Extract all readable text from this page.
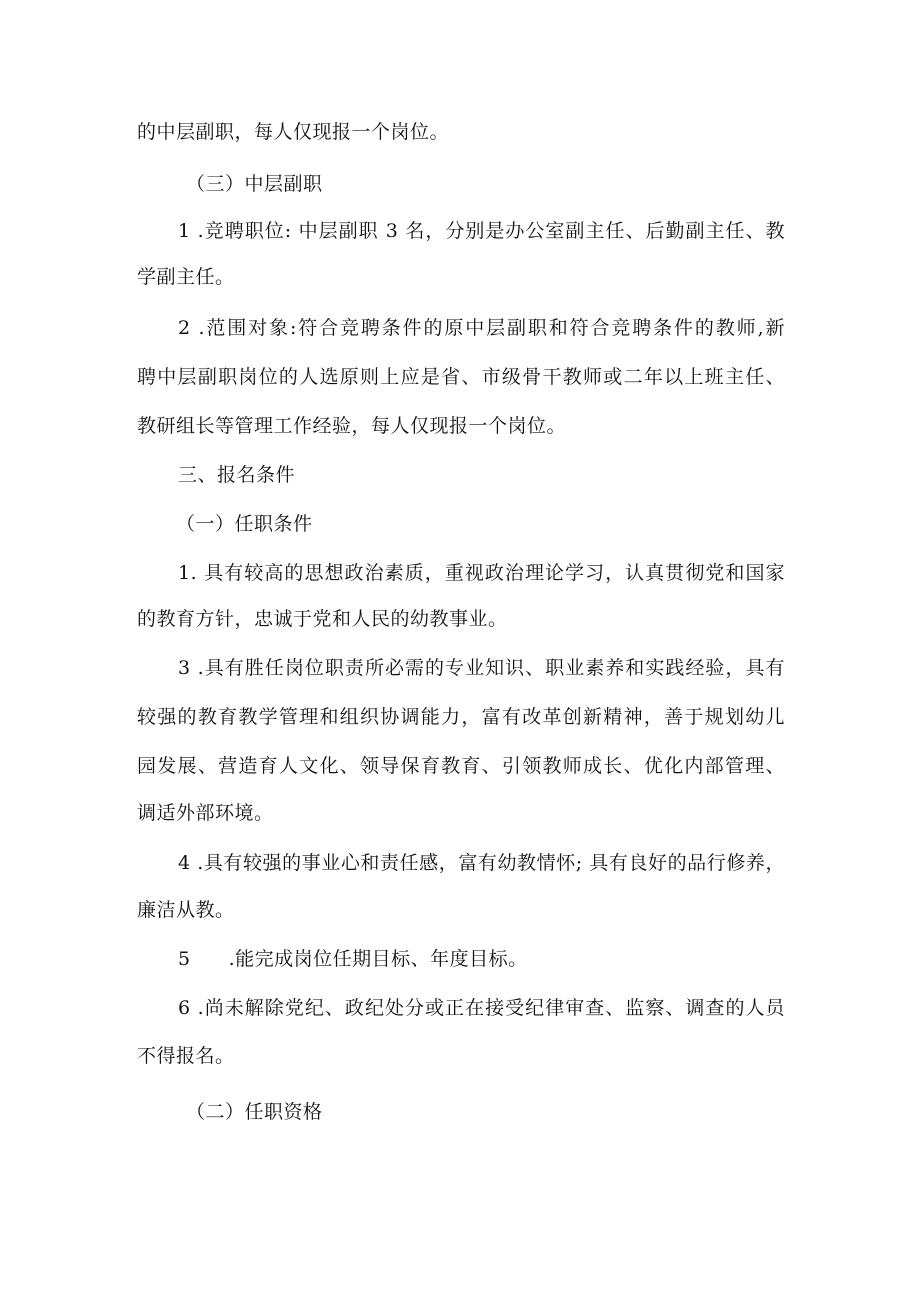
的中层副职，每人仅现报一个岗位。
（三）中层副职
1 .竞聘职位: 中层副职 3 名，分别是办公室副主任、后勤副主任、教
学副主任。
2 .范围对象:符合竞聘条件的原中层副职和符合竞聘条件的教师,新
聘中层副职岗位的人选原则上应是省、市级骨干教师或二年以上班主任、
教研组长等管理工作经验，每人仅现报一个岗位。
三、报名条件
（一）任职条件
1. 具有较高的思想政治素质，重视政治理论学习，认真贯彻党和国家
的教育方针，忠诚于党和人民的幼教事业。
3 .具有胜任岗位职责所必需的专业知识、职业素养和实践经验，具有
较强的教育教学管理和组织协调能力，富有改革创新精神，善于规划幼儿
园发展、营造育人文化、领导保育教育、引领教师成长、优化内部管理、
调适外部环境。
4 .具有较强的事业心和责任感，富有幼教情怀; 具有良好的品行修养，
廉洁从教。
5 .能完成岗位任期目标、年度目标。
6 .尚未解除党纪、政纪处分或正在接受纪律审查、监察、调查的人员
不得报名。
（二）任职资格
